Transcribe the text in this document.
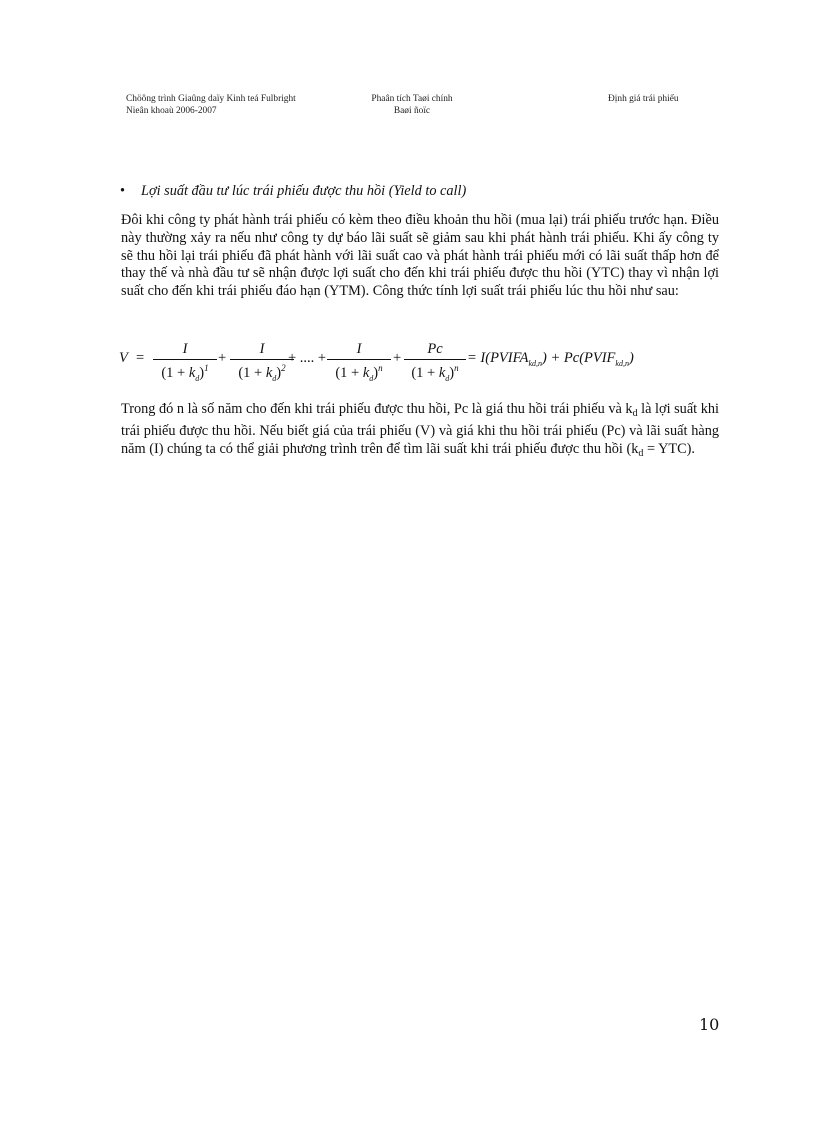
Chöông trình Giaûng daïy Kinh teá Fulbright
Nieân khoaù 2006-2007
Phaân tích Taøi chính
Baøi ñoïc
Định giá trái phiếu
• Lợi suất đầu tư lúc trái phiếu được thu hồi (Yield to call)

Đôi khi công ty phát hành trái phiếu có kèm theo điều khoản thu hồi (mua lại) trái phiếu trước hạn. Điều này thường xảy ra nếu như công ty dự báo lãi suất sẽ giảm sau khi phát hành trái phiếu. Khi ấy công ty sẽ thu hồi lại trái phiếu đã phát hành với lãi suất cao và phát hành trái phiếu mới có lãi suất thấp hơn để thay thế và nhà đầu tư sẽ nhận được lợi suất cho đến khi trái phiếu được thu hồi (YTC) thay vì nhận lợi suất cho đến khi trái phiếu đáo hạn (YTM). Công thức tính lợi suất trái phiếu lúc thu hồi như sau:

V =
I
$(1 + k_d)^1$
+
I
$(1 + k_d)^2$
+ .... +
I
$(1 + k_d)^n$
+
Pc
$(1 + k_d)^n$
= $I(PVIFA_{kd,n})$ + $Pc(PVIF_{kd,n})$

Trong đó n là số năm cho đến khi trái phiếu được thu hồi, Pc là giá thu hồi trái phiếu và $k_d$ là lợi suất khi trái phiếu được thu hồi. Nếu biết giá của trái phiếu (V) và giá khi thu hồi trái phiếu (Pc) và lãi suất hàng năm (I) chúng ta có thể giải phương trình trên để tìm lãi suất khi trái phiếu được thu hồi $(k_d = YTC)$.

10
